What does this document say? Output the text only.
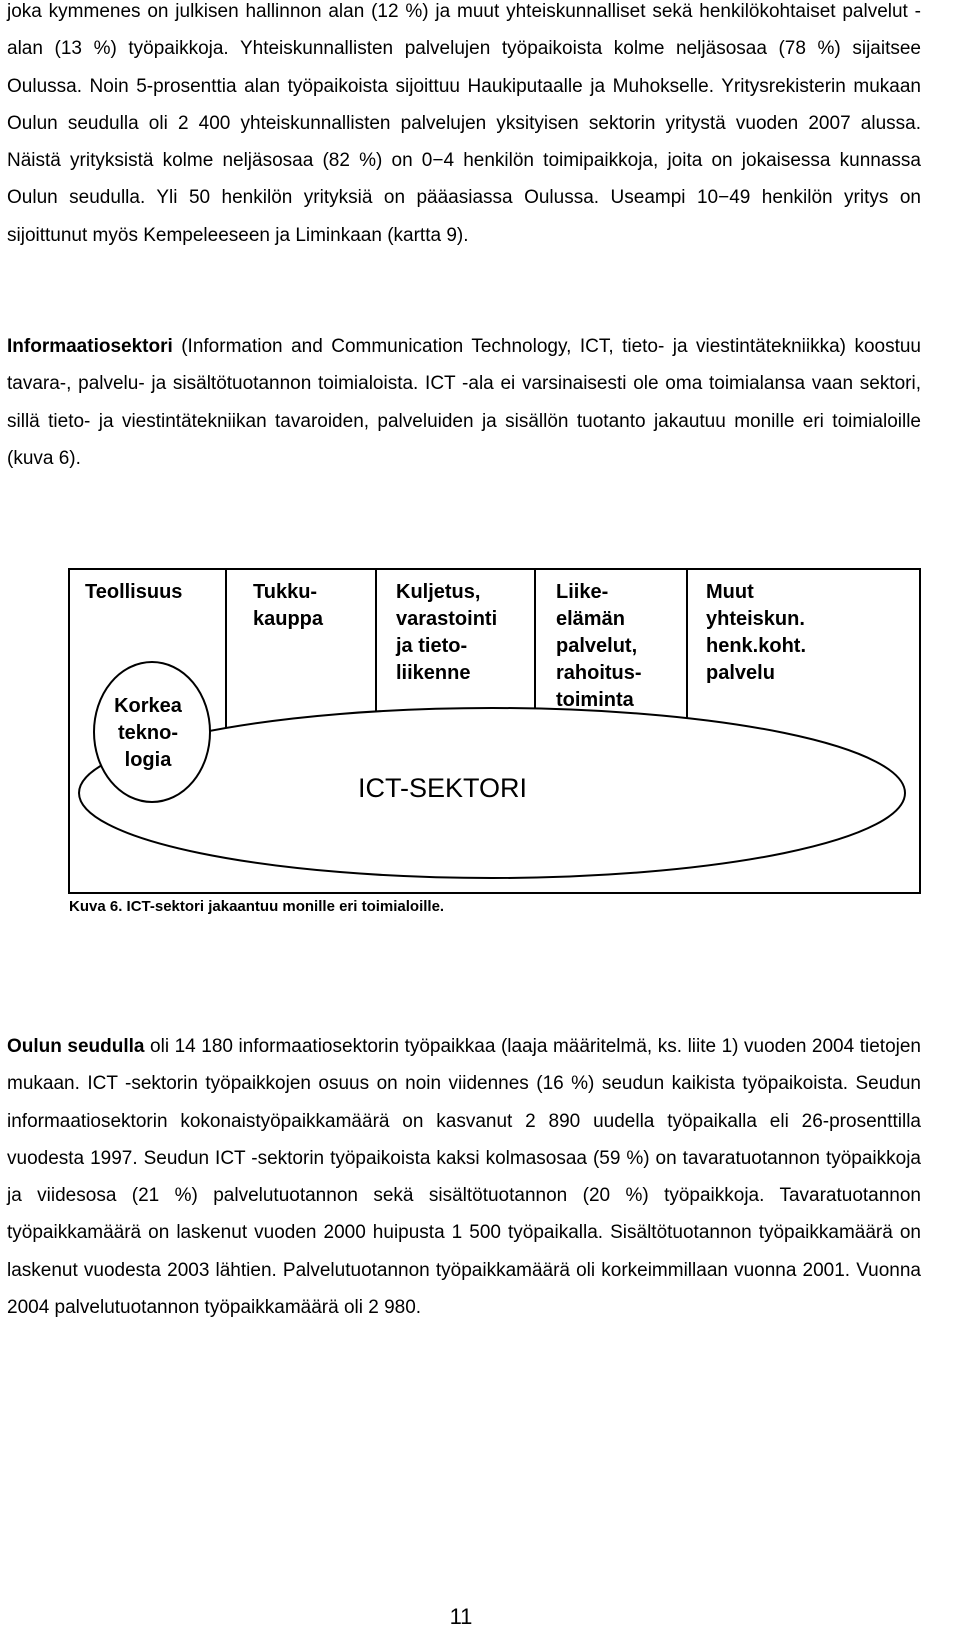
joka kymmenes on julkisen hallinnon alan (12 %) ja muut yhteiskunnalliset sekä henkilökohtaiset palvelut -alan (13 %) työpaikkoja. Yhteiskunnallisten palvelujen työpaikoista kolme neljäsosaa (78 %) sijaitsee Oulussa. Noin 5-prosenttia alan työpaikoista sijoittuu Haukiputaalle ja Muhokselle. Yritysrekisterin mukaan Oulun seudulla oli 2 400 yhteiskunnallisten palvelujen yksityisen sektorin yritystä vuoden 2007 alussa. Näistä yrityksistä kolme neljäsosaa (82 %) on 0−4 henkilön toimipaikkoja, joita on jokaisessa kunnassa Oulun seudulla. Yli 50 henkilön yrityksiä on pääasiassa Oulussa. Useampi 10−49 henkilön yritys on sijoittunut myös Kempeleeseen ja Liminkaan (kartta 9).

Informaatiosektori (Information and Communication Technology, ICT, tieto- ja viestintätekniikka) koostuu tavara-, palvelu- ja sisältötuotannon toimialoista. ICT -ala ei varsinaisesti ole oma toimialansa vaan sektori, sillä tieto- ja viestintätekniikan tavaroiden, palveluiden ja sisällön tuotanto jakautuu monille eri toimialoille (kuva 6).

Teollisuus	Tukku-kauppa
Kuljetus, varastointi ja tieto-liikenne
Liike-elämän palvelut, rahoitus-toiminta
Muut yhteiskun. henk.koht. palvelu
Korkea tekno-logia
ICT-SEKTORI

Kuva 6. ICT-sektori jakaantuu monille eri toimialoille.

Oulun seudulla oli 14 180 informaatiosektorin työpaikkaa (laaja määritelmä, ks. liite 1) vuoden 2004 tietojen mukaan. ICT -sektorin työpaikkojen osuus on noin viidennes (16 %) seudun kaikista työpaikoista. Seudun informaatiosektorin kokonaistyöpaikkamäärä on kasvanut 2 890 uudella työpaikalla eli 26-prosenttilla vuodesta 1997. Seudun ICT -sektorin työpaikoista kaksi kolmasosaa (59 %) on tavaratuotannon työpaikkoja ja viidesosa (21 %) palvelutuotannon sekä sisältötuotannon (20 %) työpaikkoja. Tavaratuotannon työpaikkamäärä on laskenut vuoden 2000 huipusta 1 500 työpaikalla. Sisältötuotannon työpaikkamäärä on laskenut vuodesta 2003 lähtien. Palvelutuotannon työpaikkamäärä oli korkeimmillaan vuonna 2001. Vuonna 2004 palvelutuotannon työpaikkamäärä oli 2 980.

11
